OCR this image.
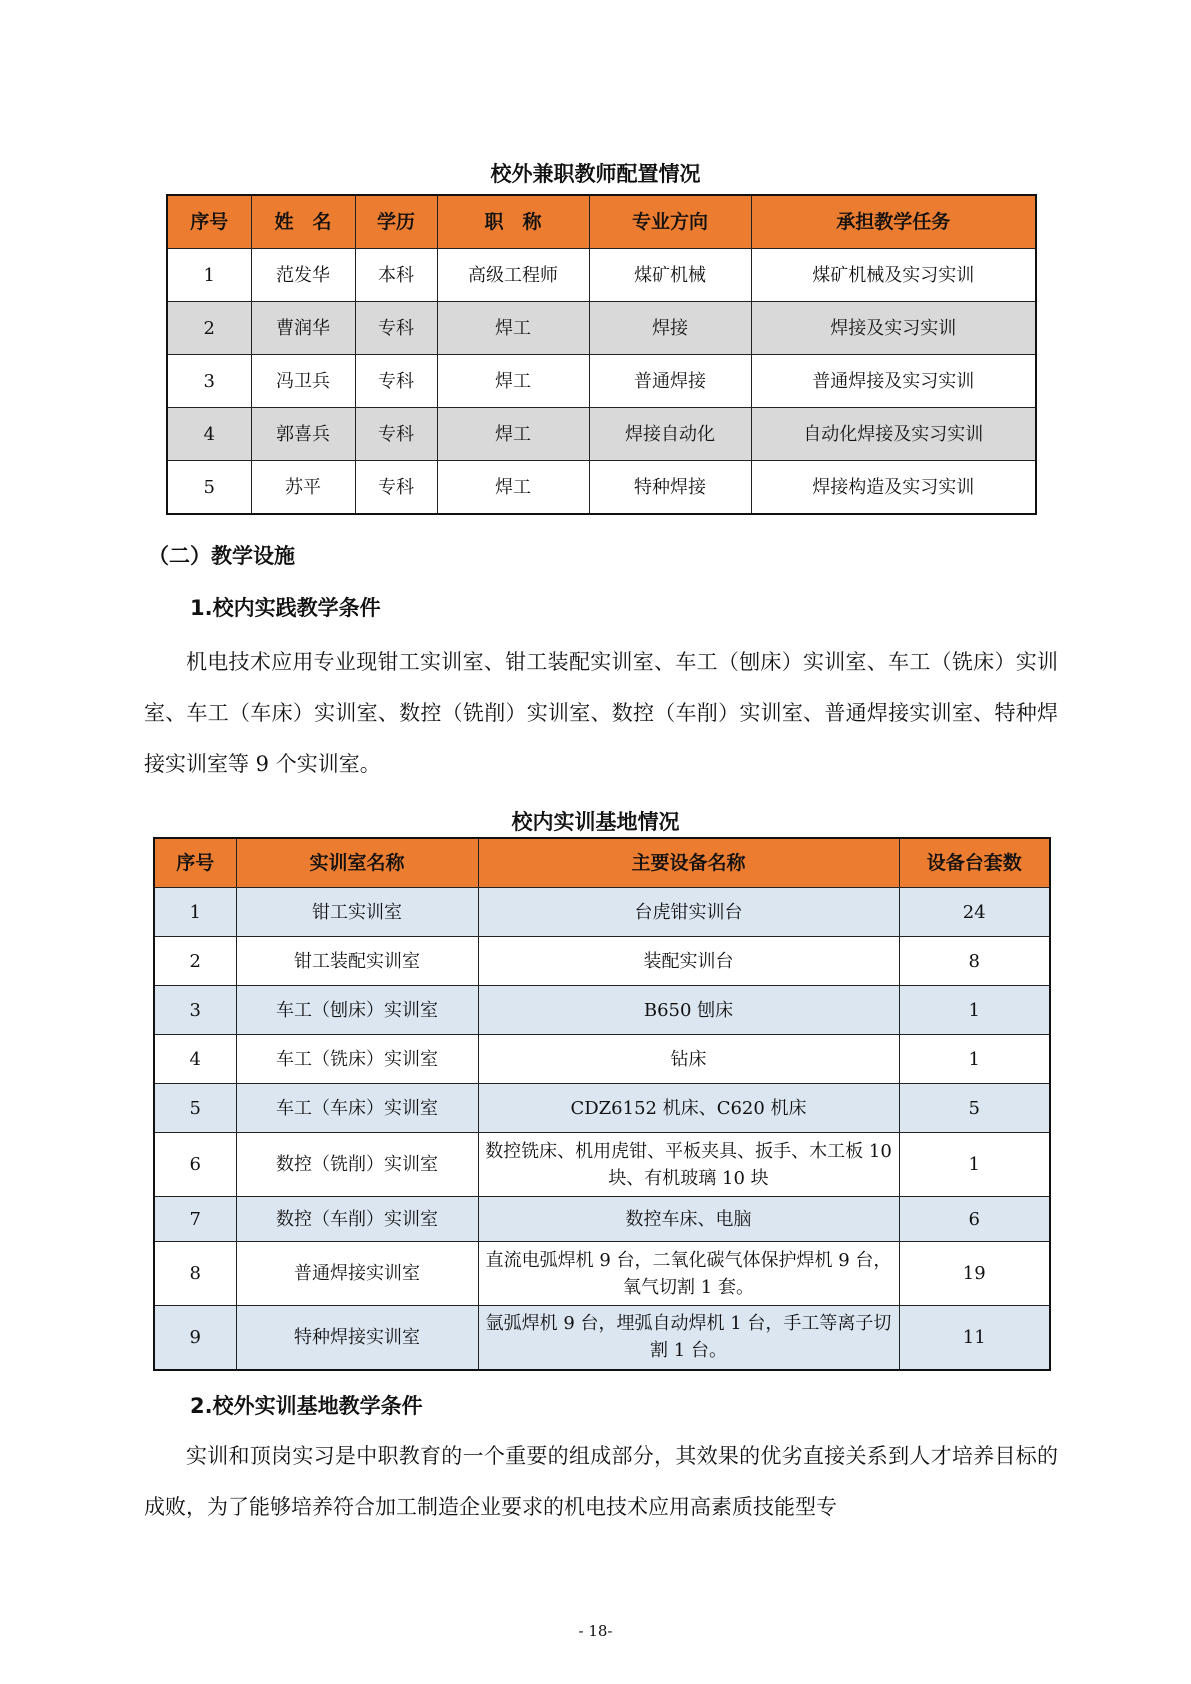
校外兼职教师配置情况
序号	姓　名	学历	职　称	专业方向	承担教学任务
1	范发华	本科	高级工程师	煤矿机械	煤矿机械及实习实训
2	曹润华	专科	焊工	焊接	焊接及实习实训
3	冯卫兵	专科	焊工	普通焊接	普通焊接及实习实训
4	郭喜兵	专科	焊工	焊接自动化	自动化焊接及实习实训
5	苏平	专科	焊工	特种焊接	焊接构造及实习实训
（二）教学设施
1.校内实践教学条件
机电技术应用专业现钳工实训室、钳工装配实训室、车工（刨床）实训室、车工（铣床）实训室、车工（车床）实训室、数控（铣削）实训室、数控（车削）实训室、普通焊接实训室、特种焊接实训室等 9 个实训室。
校内实训基地情况
序号	实训室名称	主要设备名称	设备台套数
1	钳工实训室	台虎钳实训台	24
2	钳工装配实训室	装配实训台	8
3	车工（刨床）实训室	B650 刨床	1
4	车工（铣床）实训室	钻床	1
5	车工（车床）实训室	CDZ6152 机床、C620 机床	5
6	数控（铣削）实训室	数控铣床、机用虎钳、平板夹具、扳手、木工板 10 块、有机玻璃 10 块	1
7	数控（车削）实训室	数控车床、电脑	6
8	普通焊接实训室	直流电弧焊机 9 台，二氧化碳气体保护焊机 9 台，氧气切割 1 套。	19
9	特种焊接实训室	氩弧焊机 9 台，埋弧自动焊机 1 台，手工等离子切割 1 台。	11
2.校外实训基地教学条件
实训和顶岗实习是中职教育的一个重要的组成部分，其效果的优劣直接关系到人才培养目标的成败，为了能够培养符合加工制造企业要求的机电技术应用高素质技能型专
- 18-
